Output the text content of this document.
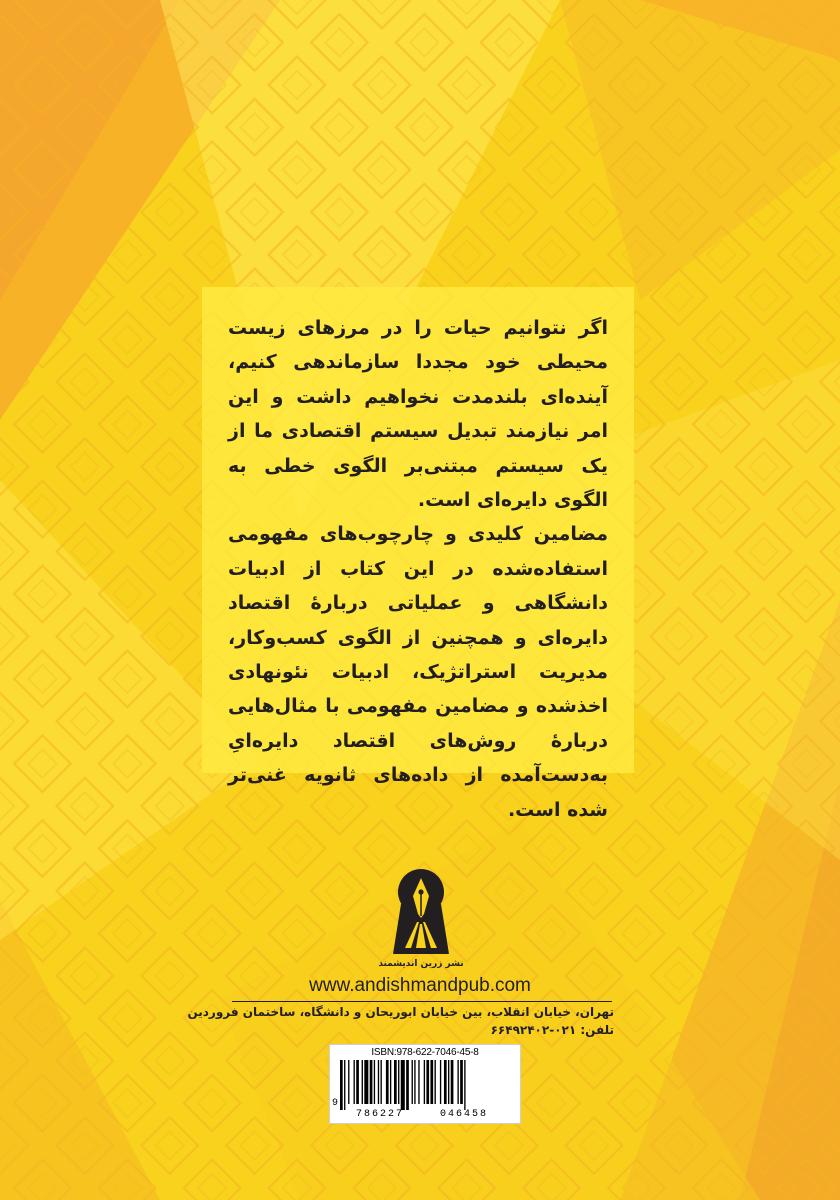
اگر نتوانیم حیات را در مرزهای زیست محیطی خود مجددا سازماندهی کنیم، آینده‌ای بلندمدت نخواهیم داشت و این امر نیازمند تبدیل سیستم اقتصادی ما از یک سیستم مبتنی‌بر الگوی خطی به الگوی دایره‌ای است.

مضامین کلیدی و چارچوب‌های مفهومی استفاده‌شده در این کتاب از ادبیات دانشگاهی و عملیاتی دربارۀ اقتصاد دایره‌ای و همچنین از الگوی کسب‌وکار، مدیریت استراتژیک، ادبیات نئونهادی اخذشده و مضامین مفهومی با مثال‌هایی دربارۀ روش‌های اقتصاد دایره‌ایِ به‌دست‌آمده از داده‌های ثانویه غنی‌تر شده است.

نشر زرین اندیشمند
www.andishmandpub.com
تهران، خیابان انقلاب، بین خیابان ابوریحان و دانشگاه، ساختمان فروردین
تلفن: ۰۲۱-۶۶۴۹۲۴۰۲
ISBN:978-622-7046-45-8
9
786227	046458
